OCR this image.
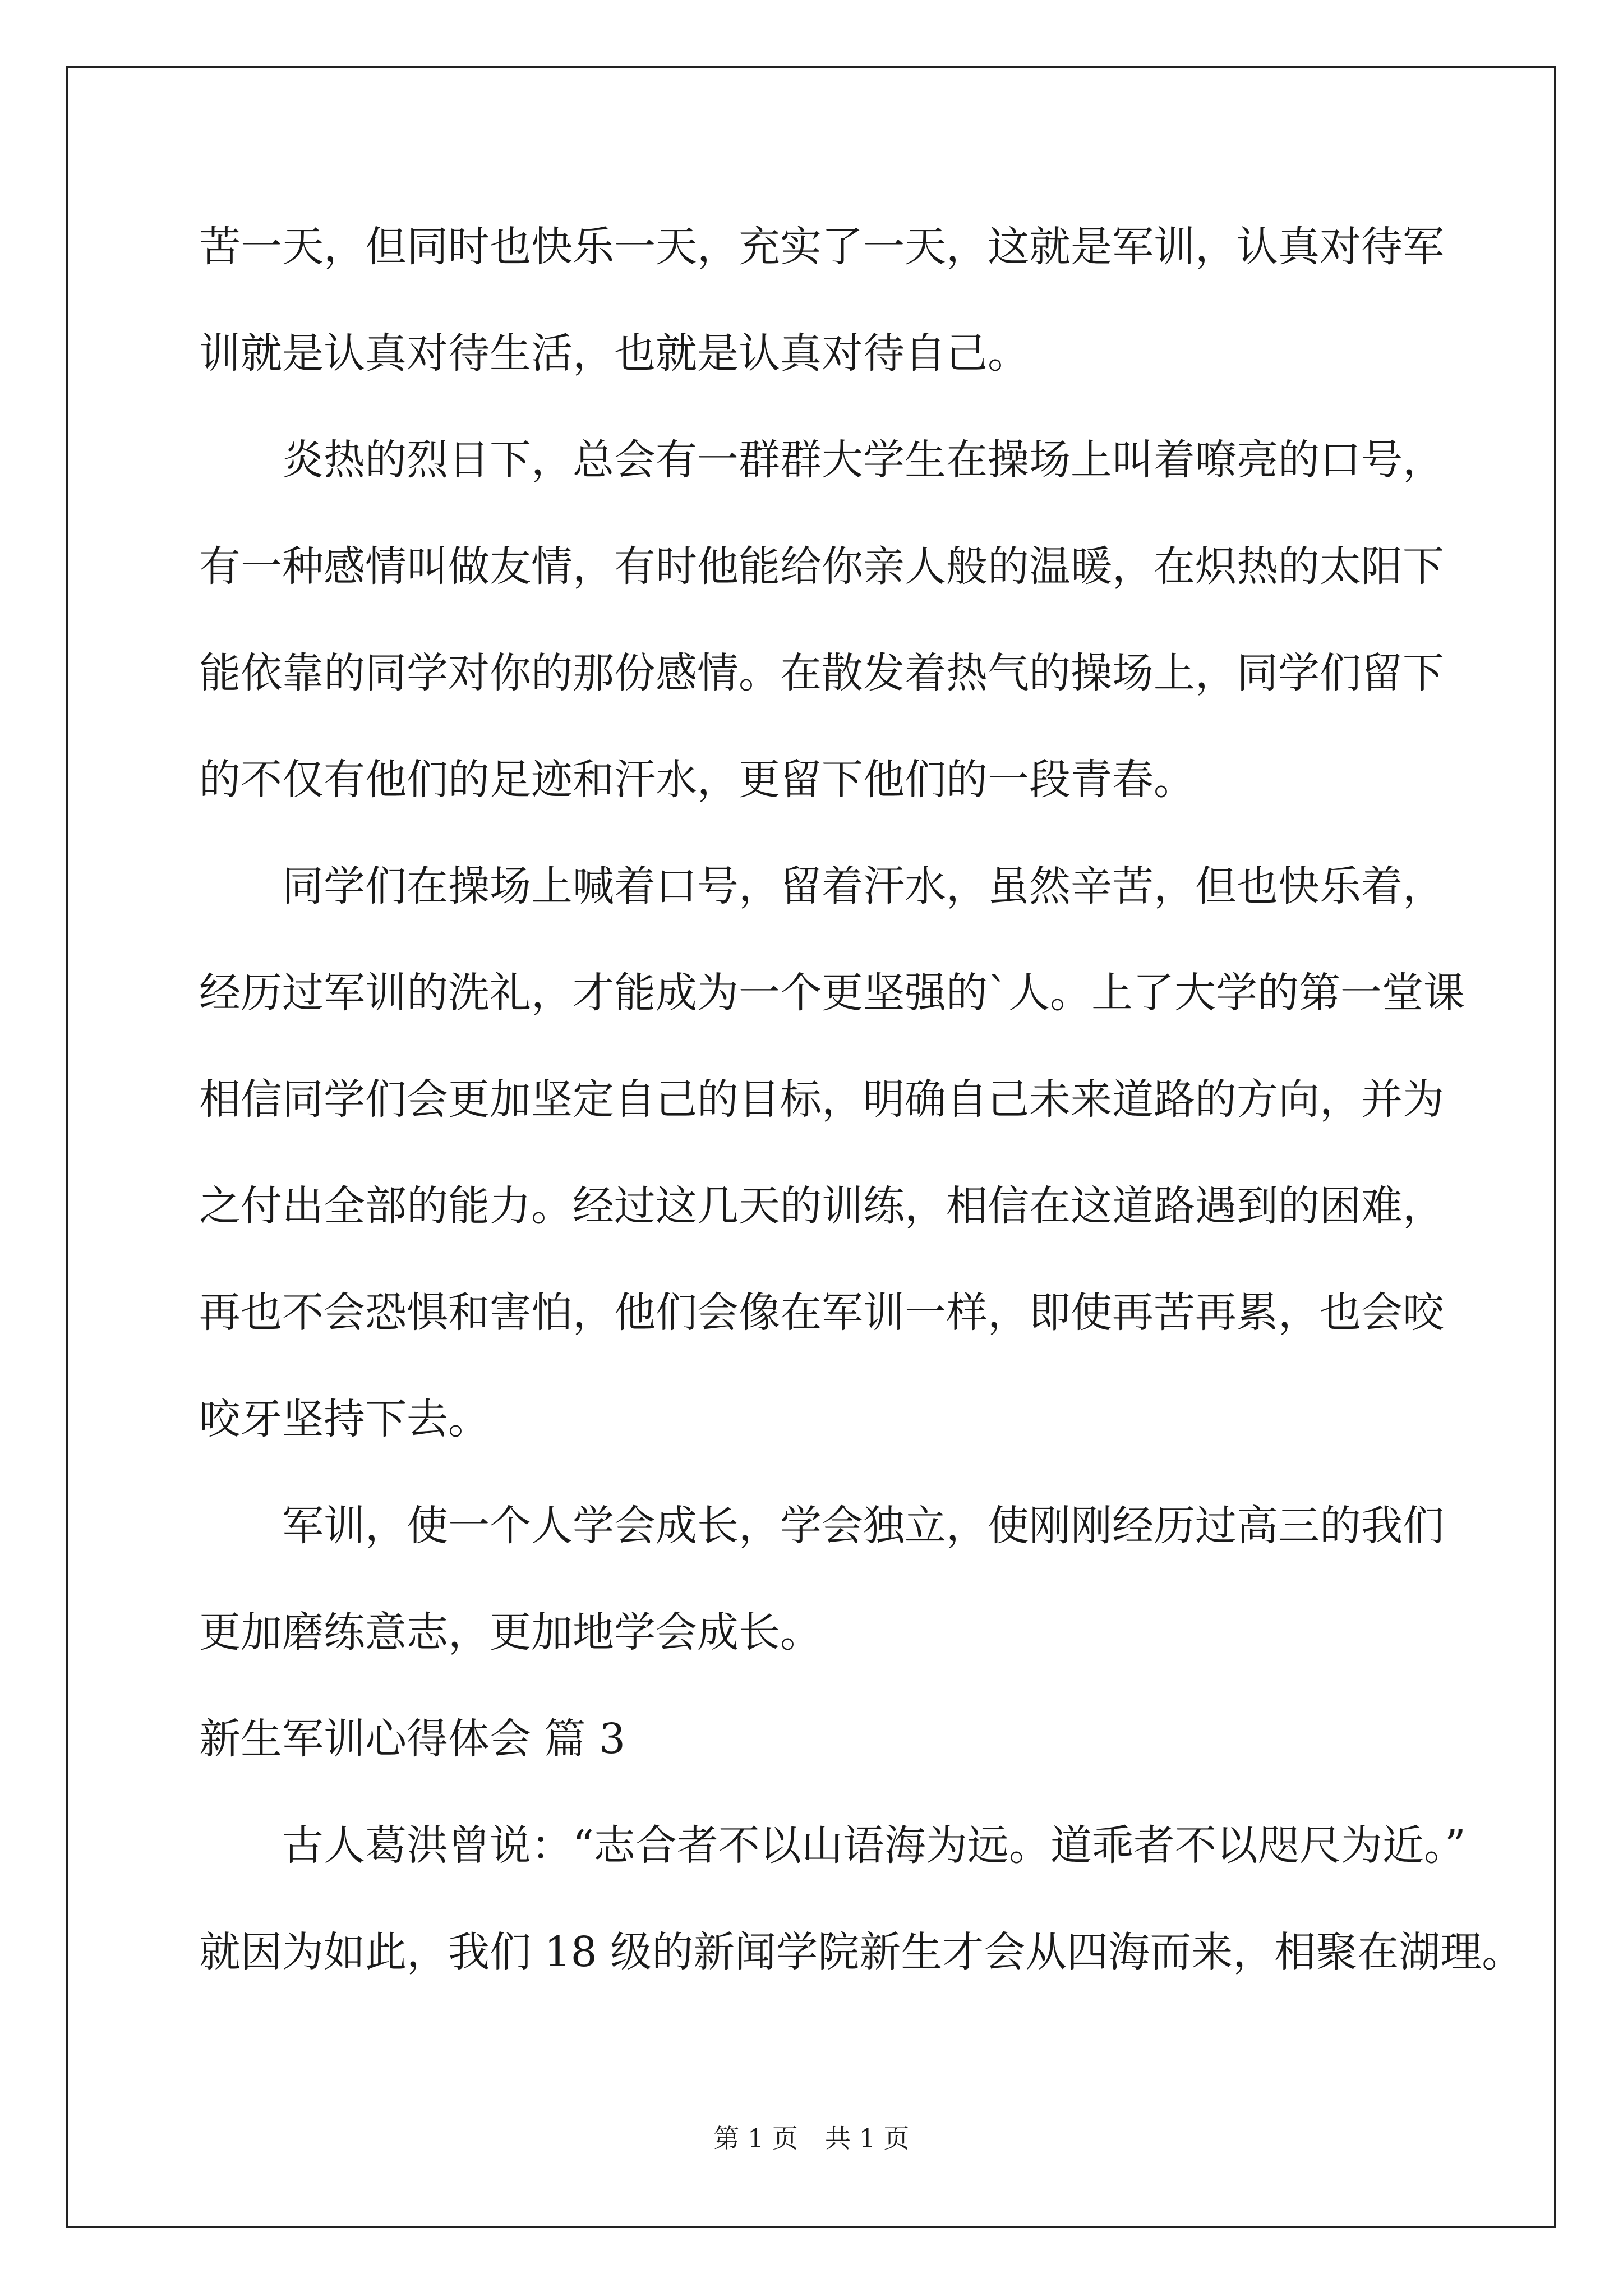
苦一天，但同时也快乐一天，充实了一天，这就是军训，认真对待军
训就是认真对待生活，也就是认真对待自己。
炎热的烈日下，总会有一群群大学生在操场上叫着嘹亮的口号，
有一种感情叫做友情，有时他能给你亲人般的温暖，在炽热的太阳下
能依靠的同学对你的那份感情。在散发着热气的操场上，同学们留下
的不仅有他们的足迹和汗水，更留下他们的一段青春。
同学们在操场上喊着口号，留着汗水，虽然辛苦，但也快乐着，
经历过军训的洗礼，才能成为一个更坚强的`人。上了大学的第一堂课
相信同学们会更加坚定自己的目标，明确自己未来道路的方向，并为
之付出全部的能力。经过这几天的训练，相信在这道路遇到的困难，
再也不会恐惧和害怕，他们会像在军训一样，即使再苦再累，也会咬
咬牙坚持下去。
军训，使一个人学会成长，学会独立，使刚刚经历过高三的我们
更加磨练意志，更加地学会成长。
新生军训心得体会 篇 3
古人葛洪曾说：“志合者不以山语海为远。道乖者不以咫尺为近。”
就因为如此，我们 18 级的新闻学院新生才会从四海而来，相聚在湖理。
第 1 页 共 1 页
